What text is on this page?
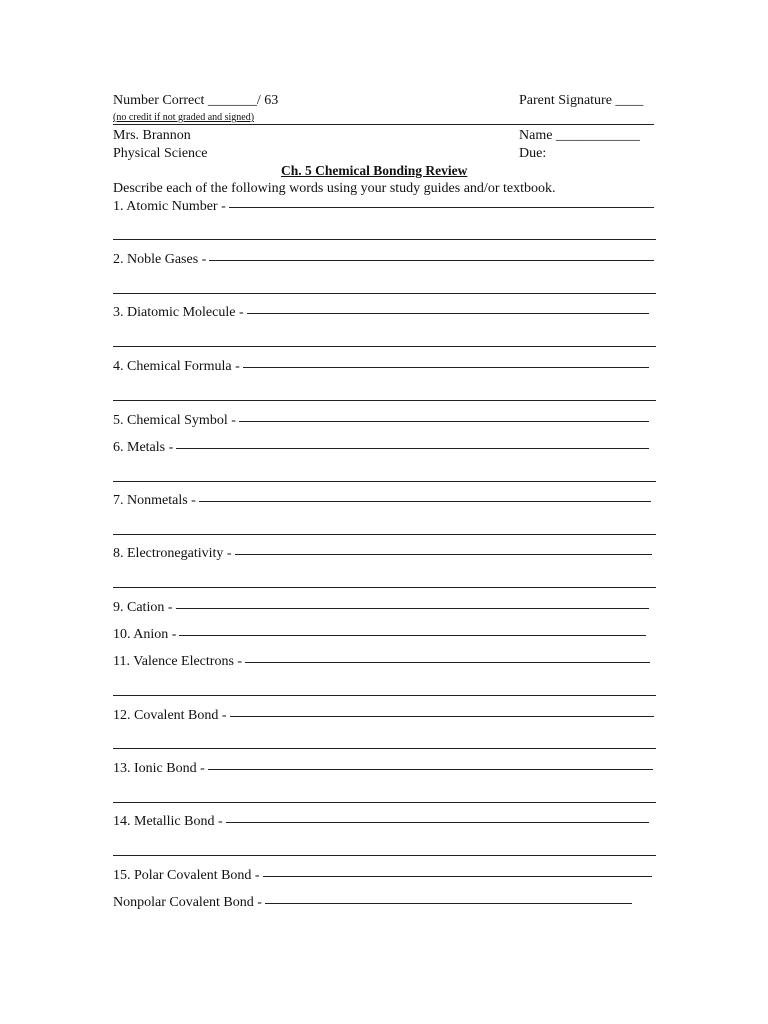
Number Correct _______/ 63	Parent Signature ____
(no credit if not graded and signed)
Mrs. Brannon	Name ____________
Physical Science	Due:
Ch. 5 Chemical Bonding Review
Describe each of the following words using your study guides and/or textbook.
1. Atomic Number -
2. Noble Gases -
3. Diatomic Molecule -
4. Chemical Formula -
5. Chemical Symbol -
6. Metals -
7. Nonmetals -
8. Electronegativity -
9. Cation -
10. Anion -
11. Valence Electrons -
12. Covalent Bond -
13. Ionic Bond -
14. Metallic Bond -
15. Polar Covalent Bond -
Nonpolar Covalent Bond -
